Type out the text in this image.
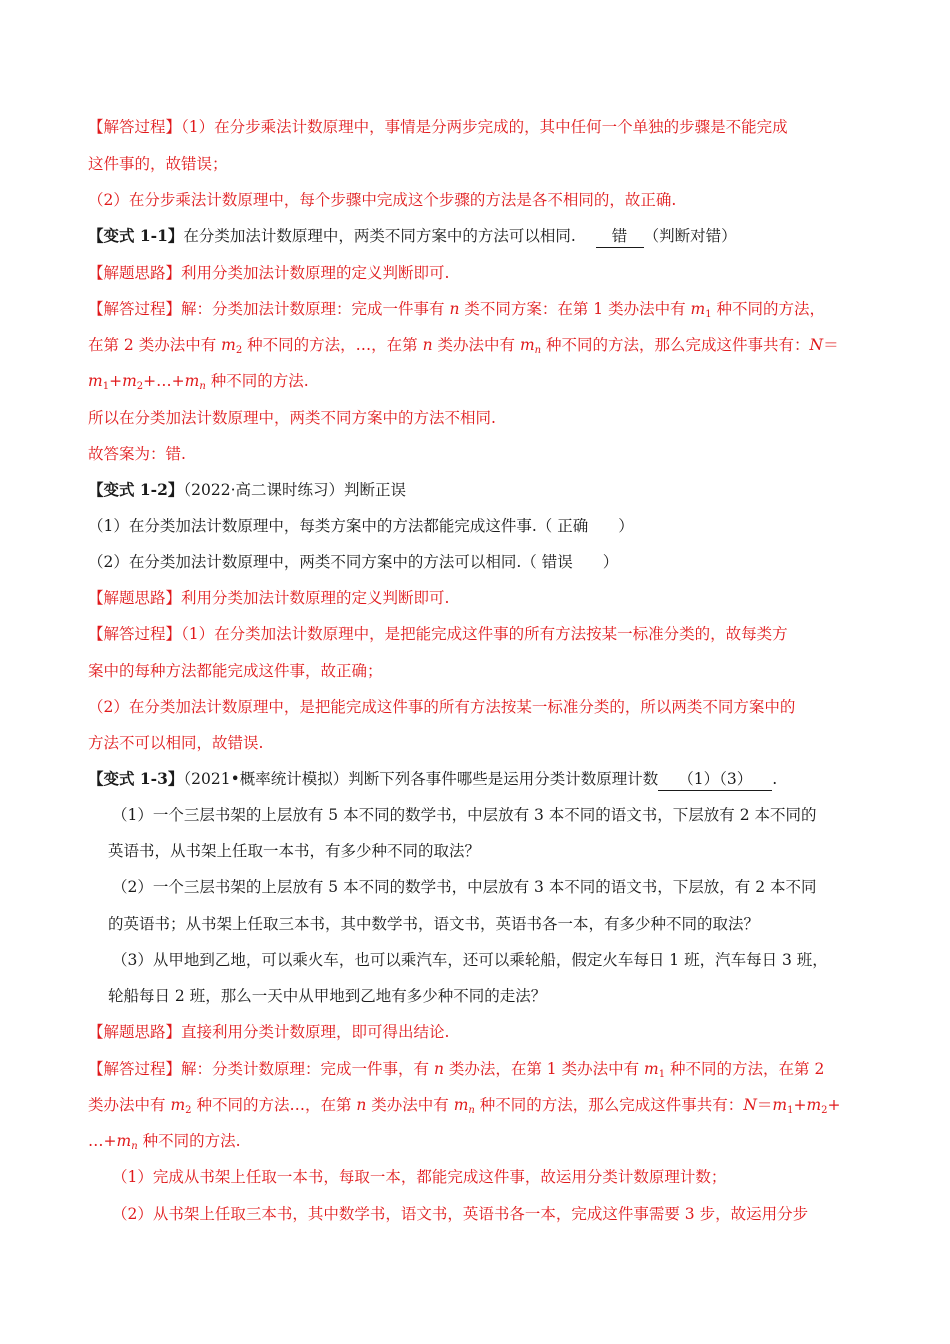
【解答过程】（1）在分步乘法计数原理中，事情是分两步完成的，其中任何一个单独的步骤是不能完成
这件事的，故错误；
（2）在分步乘法计数原理中，每个步骤中完成这个步骤的方法是各不相同的，故正确.
【变式 1-1】在分类加法计数原理中，两类不同方案中的方法可以相同. 错 （判断对错）
【解题思路】利用分类加法计数原理的定义判断即可.
【解答过程】解：分类加法计数原理：完成一件事有 n 类不同方案：在第 1 类办法中有 $m_1$ 种不同的方法，
在第 2 类办法中有 $m_2$ 种不同的方法，…，在第 n 类办法中有 $m_n$ 种不同的方法，那么完成这件事共有：N＝
$m_1+m_2+\dots+m_n$ 种不同的方法.
所以在分类加法计数原理中，两类不同方案中的方法不相同.
故答案为：错.
【变式 1-2】（2022·高二课时练习）判断正误
（1）在分类加法计数原理中，每类方案中的方法都能完成这件事.（ 正确 ）
（2）在分类加法计数原理中，两类不同方案中的方法可以相同.（ 错误 ）
【解题思路】利用分类加法计数原理的定义判断即可.
【解答过程】（1）在分类加法计数原理中，是把能完成这件事的所有方法按某一标准分类的，故每类方
案中的每种方法都能完成这件事，故正确；
（2）在分类加法计数原理中，是把能完成这件事的所有方法按某一标准分类的，所以两类不同方案中的
方法不可以相同，故错误.
【变式 1-3】（2021•概率统计模拟）判断下列各事件哪些是运用分类计数原理计数 （1）（3） .
（1）一个三层书架的上层放有 5 本不同的数学书，中层放有 3 本不同的语文书，下层放有 2 本不同的
英语书，从书架上任取一本书，有多少种不同的取法？
（2）一个三层书架的上层放有 5 本不同的数学书，中层放有 3 本不同的语文书，下层放，有 2 本不同
的英语书；从书架上任取三本书，其中数学书，语文书，英语书各一本，有多少种不同的取法？
（3）从甲地到乙地，可以乘火车，也可以乘汽车，还可以乘轮船，假定火车每日 1 班，汽车每日 3 班，
轮船每日 2 班，那么一天中从甲地到乙地有多少种不同的走法？
【解题思路】直接利用分类计数原理，即可得出结论.
【解答过程】解：分类计数原理：完成一件事，有 n 类办法，在第 1 类办法中有 $m_1$ 种不同的方法，在第 2
类办法中有 $m_2$ 种不同的方法…，在第 n 类办法中有 $m_n$ 种不同的方法，那么完成这件事共有：$N=m_1+m_2+$
$\dots+m_n$ 种不同的方法.
（1）完成从书架上任取一本书，每取一本，都能完成这件事，故运用分类计数原理计数；
（2）从书架上任取三本书，其中数学书，语文书，英语书各一本，完成这件事需要 3 步，故运用分步
